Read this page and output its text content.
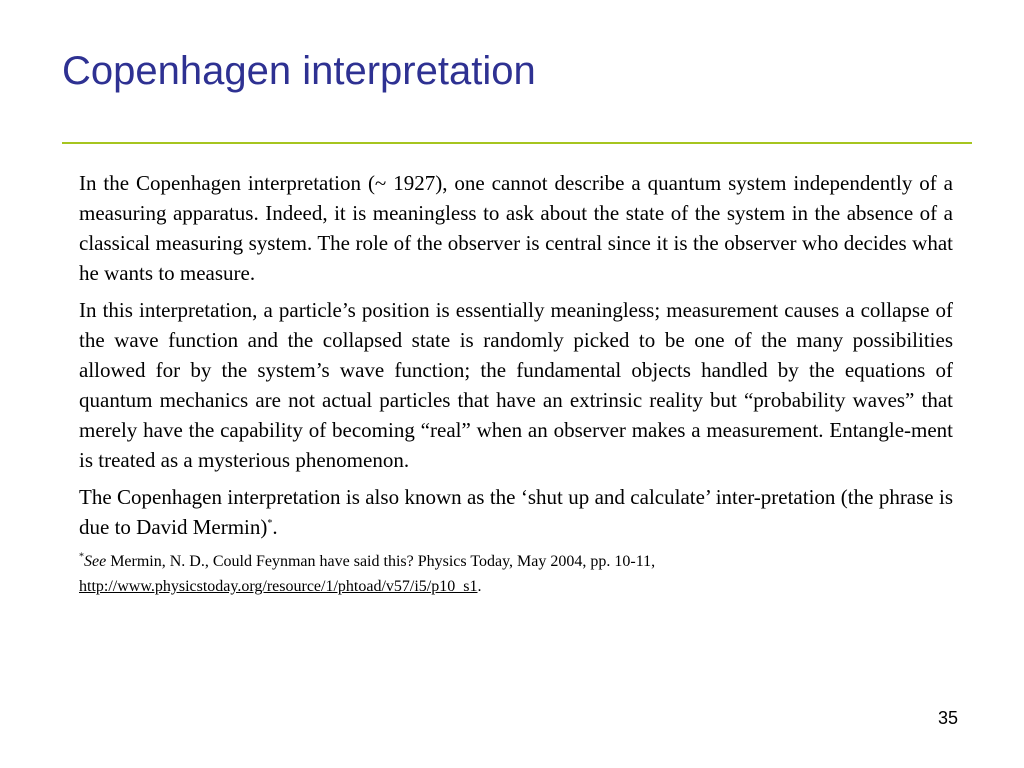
Copenhagen interpretation

In the Copenhagen interpretation (~ 1927), one cannot describe a quantum system independently of a measuring apparatus. Indeed, it is meaningless to ask about the state of the system in the absence of a classical measuring system. The role of the observer is central since it is the observer who decides what he wants to measure.

In this interpretation, a particle’s position is essentially meaningless; measurement causes a collapse of the wave function and the collapsed state is randomly picked to be one of the many possibilities allowed for by the system’s wave function; the fundamental objects handled by the equations of quantum mechanics are not actual particles that have an extrinsic reality but “probability waves” that merely have the capability of becoming “real” when an observer makes a measurement. Entangle-ment is treated as a mysterious phenomenon.

The Copenhagen interpretation is also known as the ‘shut up and calculate’ inter-pretation (the phrase is due to David Mermin)*.

*See Mermin, N. D., Could Feynman have said this? Physics Today, May 2004, pp. 10-11,
http://www.physicstoday.org/resource/1/phtoad/v57/i5/p10_s1.

35
